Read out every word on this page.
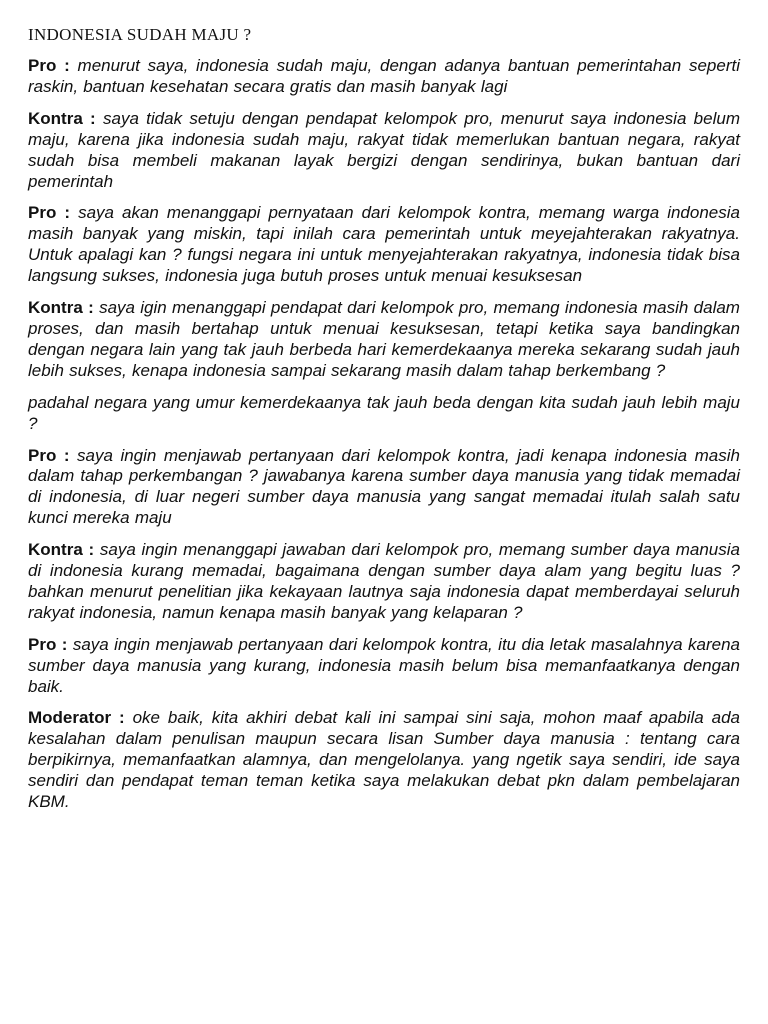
INDONESIA SUDAH MAJU ?

Pro : menurut saya, indonesia sudah maju, dengan adanya bantuan pemerintahan seperti raskin, bantuan kesehatan secara gratis dan masih banyak lagi

Kontra : saya tidak setuju dengan pendapat kelompok pro, menurut saya indonesia belum maju, karena jika indonesia sudah maju, rakyat tidak memerlukan bantuan negara, rakyat sudah bisa membeli makanan layak bergizi dengan sendirinya, bukan bantuan dari pemerintah

Pro : saya akan menanggapi pernyataan dari kelompok kontra, memang warga indonesia masih banyak yang miskin, tapi inilah cara pemerintah untuk meyejahterakan rakyatnya. Untuk apalagi kan ? fungsi negara ini untuk menyejahterakan rakyatnya, indonesia tidak bisa langsung sukses, indonesia juga butuh proses untuk menuai kesuksesan

Kontra : saya igin menanggapi pendapat dari kelompok pro, memang indonesia masih dalam proses, dan masih bertahap untuk menuai kesuksesan, tetapi ketika saya bandingkan dengan negara lain yang tak jauh berbeda hari kemerdekaanya mereka sekarang sudah jauh lebih sukses, kenapa indonesia sampai sekarang masih dalam tahap berkembang ?

padahal negara yang umur kemerdekaanya tak jauh beda dengan kita sudah jauh lebih maju ?

Pro : saya ingin menjawab pertanyaan dari kelompok kontra, jadi kenapa indonesia masih dalam tahap perkembangan ? jawabanya karena sumber daya manusia yang tidak memadai di indonesia, di luar negeri sumber daya manusia yang sangat memadai itulah salah satu kunci mereka maju

Kontra : saya ingin menanggapi jawaban dari kelompok pro, memang sumber daya manusia di indonesia kurang memadai, bagaimana dengan sumber daya alam yang begitu luas ? bahkan menurut penelitian jika kekayaan lautnya saja indonesia dapat memberdayai seluruh rakyat indonesia, namun kenapa masih banyak yang kelaparan ?

Pro : saya ingin menjawab pertanyaan dari kelompok kontra, itu dia letak masalahnya karena sumber daya manusia yang kurang, indonesia masih belum bisa memanfaatkanya dengan baik.

Moderator : oke baik, kita akhiri debat kali ini sampai sini saja, mohon maaf apabila ada kesalahan dalam penulisan maupun secara lisan Sumber daya manusia : tentang cara berpikirnya, memanfaatkan alamnya, dan mengelolanya. yang ngetik saya sendiri, ide saya sendiri dan pendapat teman teman ketika saya melakukan debat pkn dalam pembelajaran KBM.
